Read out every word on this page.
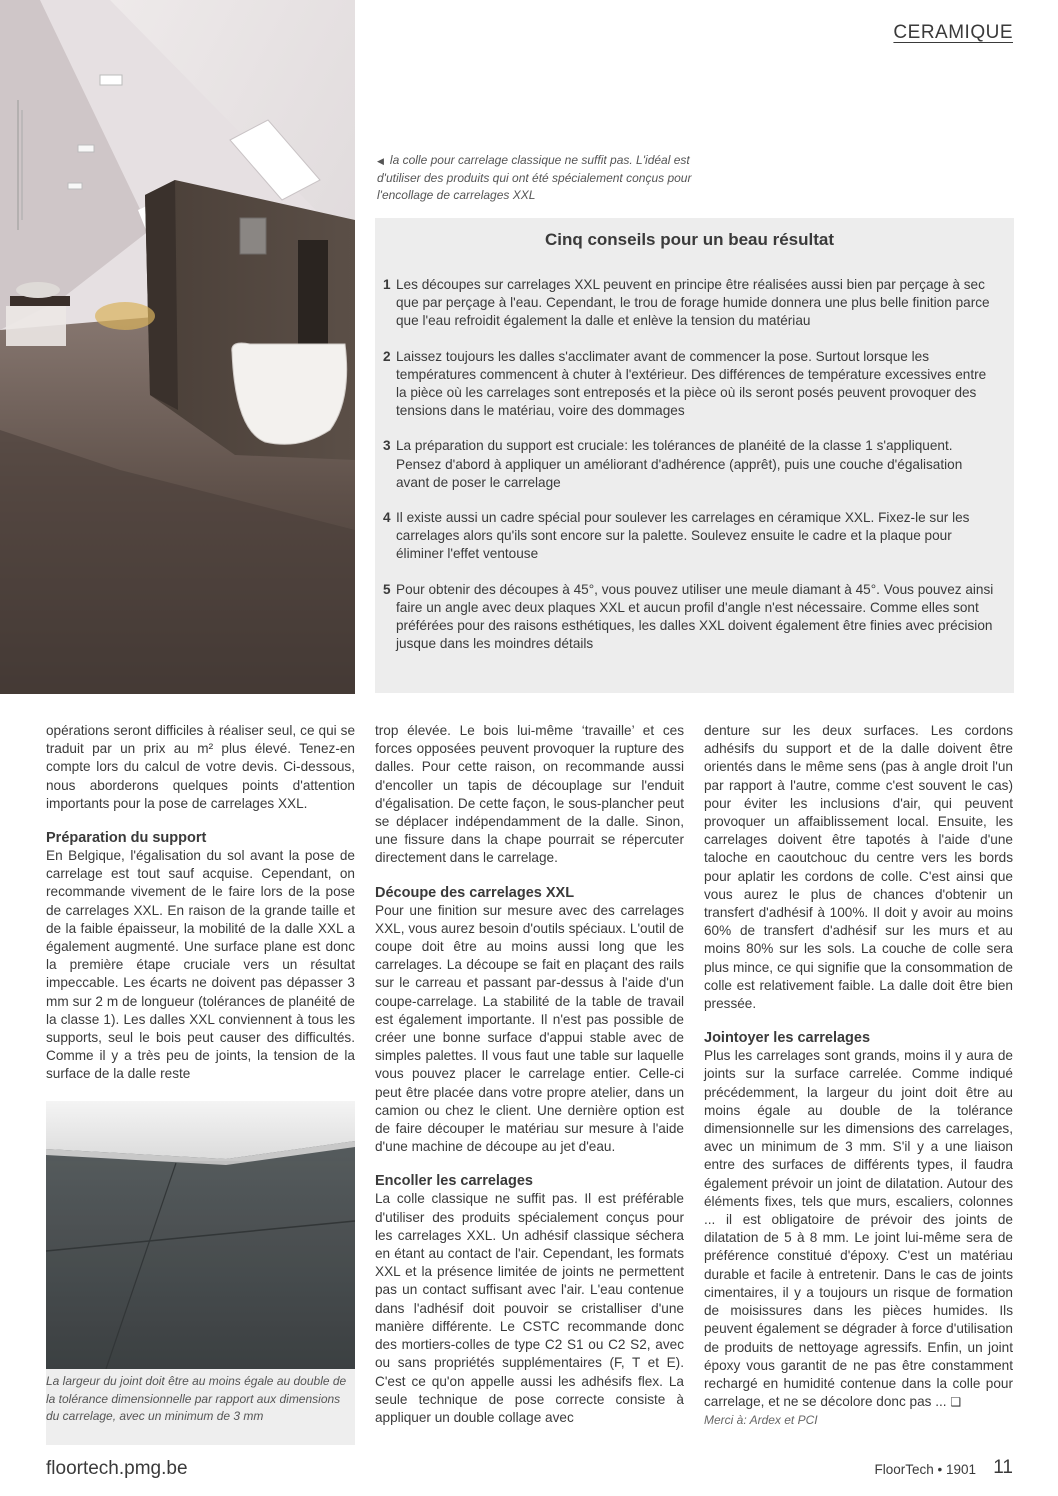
CERAMIQUE
◀ la colle pour carrelage classique ne suffit pas. L'idéal est d'utiliser des produits qui ont été spécialement conçus pour l'encollage de carrelages XXL
Cinq conseils pour un beau résultat
1 Les découpes sur carrelages XXL peuvent en principe être réalisées aussi bien par perçage à sec que par perçage à l'eau. Cependant, le trou de forage humide donnera une plus belle finition parce que l'eau refroidit également la dalle et enlève la tension du matériau
2 Laissez toujours les dalles s'acclimater avant de commencer la pose. Surtout lorsque les températures commencent à chuter à l'extérieur. Des différences de température excessives entre la pièce où les carrelages sont entreposés et la pièce où ils seront posés peuvent provoquer des tensions dans le matériau, voire des dommages
3 La préparation du support est cruciale: les tolérances de planéité de la classe 1 s'appliquent. Pensez d'abord à appliquer un améliorant d'adhérence (apprêt), puis une couche d'égalisation avant de poser le carrelage
4 Il existe aussi un cadre spécial pour soulever les carrelages en céramique XXL. Fixez-le sur les carrelages alors qu'ils sont encore sur la palette. Soulevez ensuite le cadre et la plaque pour éliminer l'effet ventouse
5 Pour obtenir des découpes à 45°, vous pouvez utiliser une meule diamant à 45°. Vous pouvez ainsi faire un angle avec deux plaques XXL et aucun profil d'angle n'est nécessaire. Comme elles sont préférées pour des raisons esthétiques, les dalles XXL doivent également être finies avec précision jusque dans les moindres détails

opérations seront difficiles à réaliser seul, ce qui se traduit par un prix au m² plus élevé. Tenez-en compte lors du calcul de votre devis. Ci-dessous, nous aborderons quelques points d'attention importants pour la pose de carrelages XXL.

Préparation du support

En Belgique, l'égalisation du sol avant la pose de carrelage est tout sauf acquise. Cependant, on recommande vivement de le faire lors de la pose de carrelages XXL. En raison de la grande taille et de la faible épaisseur, la mobilité de la dalle XXL a également augmenté. Une surface plane est donc la première étape cruciale vers un résultat impeccable. Les écarts ne doivent pas dépasser 3 mm sur 2 m de longueur (tolérances de planéité de la classe 1). Les dalles XXL conviennent à tous les supports, seul le bois peut causer des difficultés. Comme il y a très peu de joints, la tension de la surface de la dalle reste

La largeur du joint doit être au moins égale au double de la tolérance dimensionnelle par rapport aux dimensions du carrelage, avec un minimum de 3 mm

trop élevée. Le bois lui-même ‘travaille’ et ces forces opposées peuvent provoquer la rupture des dalles. Pour cette raison, on recommande aussi d'encoller un tapis de découplage sur l'enduit d'égalisation. De cette façon, le sous-plancher peut se déplacer indépendamment de la dalle. Sinon, une fissure dans la chape pourrait se répercuter directement dans le carrelage.

Découpe des carrelages XXL

Pour une finition sur mesure avec des carrelages XXL, vous aurez besoin d'outils spéciaux. L'outil de coupe doit être au moins aussi long que les carrelages. La découpe se fait en plaçant des rails sur le carreau et passant par-dessus à l'aide d'un coupe-carrelage. La stabilité de la table de travail est également importante. Il n'est pas possible de créer une bonne surface d'appui stable avec de simples palettes. Il vous faut une table sur laquelle vous pouvez placer le carrelage entier. Celle-ci peut être placée dans votre propre atelier, dans un camion ou chez le client. Une dernière option est de faire découper le matériau sur mesure à l'aide d'une machine de découpe au jet d'eau.

Encoller les carrelages

La colle classique ne suffit pas. Il est préférable d'utiliser des produits spécialement conçus pour les carrelages XXL. Un adhésif classique séchera en étant au contact de l'air. Cependant, les formats XXL et la présence limitée de joints ne permettent pas un contact suffisant avec l'air. L'eau contenue dans l'adhésif doit pouvoir se cristalliser d'une manière différente. Le CSTC recommande donc des mortiers-colles de type C2 S1 ou C2 S2, avec ou sans propriétés supplémentaires (F, T et E). C'est ce qu'on appelle aussi les adhésifs flex. La seule technique de pose correcte consiste à appliquer un double collage avec

denture sur les deux surfaces. Les cordons adhésifs du support et de la dalle doivent être orientés dans le même sens (pas à angle droit l'un par rapport à l'autre, comme c'est souvent le cas) pour éviter les inclusions d'air, qui peuvent provoquer un affaiblissement local. Ensuite, les carrelages doivent être tapotés à l'aide d'une taloche en caoutchouc du centre vers les bords pour aplatir les cordons de colle. C'est ainsi que vous aurez le plus de chances d'obtenir un transfert d'adhésif à 100%. Il doit y avoir au moins 60% de transfert d'adhésif sur les murs et au moins 80% sur les sols. La couche de colle sera plus mince, ce qui signifie que la consommation de colle est relativement faible. La dalle doit être bien pressée.

Jointoyer les carrelages

Plus les carrelages sont grands, moins il y aura de joints sur la surface carrelée. Comme indiqué précédemment, la largeur du joint doit être au moins égale au double de la tolérance dimensionnelle sur les dimensions des carrelages, avec un minimum de 3 mm. S'il y a une liaison entre des surfaces de différents types, il faudra également prévoir un joint de dilatation. Autour des éléments fixes, tels que murs, escaliers, colonnes ... il est obligatoire de prévoir des joints de dilatation de 5 à 8 mm. Le joint lui-même sera de préférence constitué d'époxy. C'est un matériau durable et facile à entretenir. Dans le cas de joints cimentaires, il y a toujours un risque de formation de moisissures dans les pièces humides. Ils peuvent également se dégrader à force d'utilisation de produits de nettoyage agressifs. Enfin, un joint époxy vous garantit de ne pas être constamment rechargé en humidité contenue dans la colle pour carrelage, et ne se décolore donc pas ... ❑

Merci à: Ardex et PCI

floortech.pmg.be	FloorTech • 1901 11
